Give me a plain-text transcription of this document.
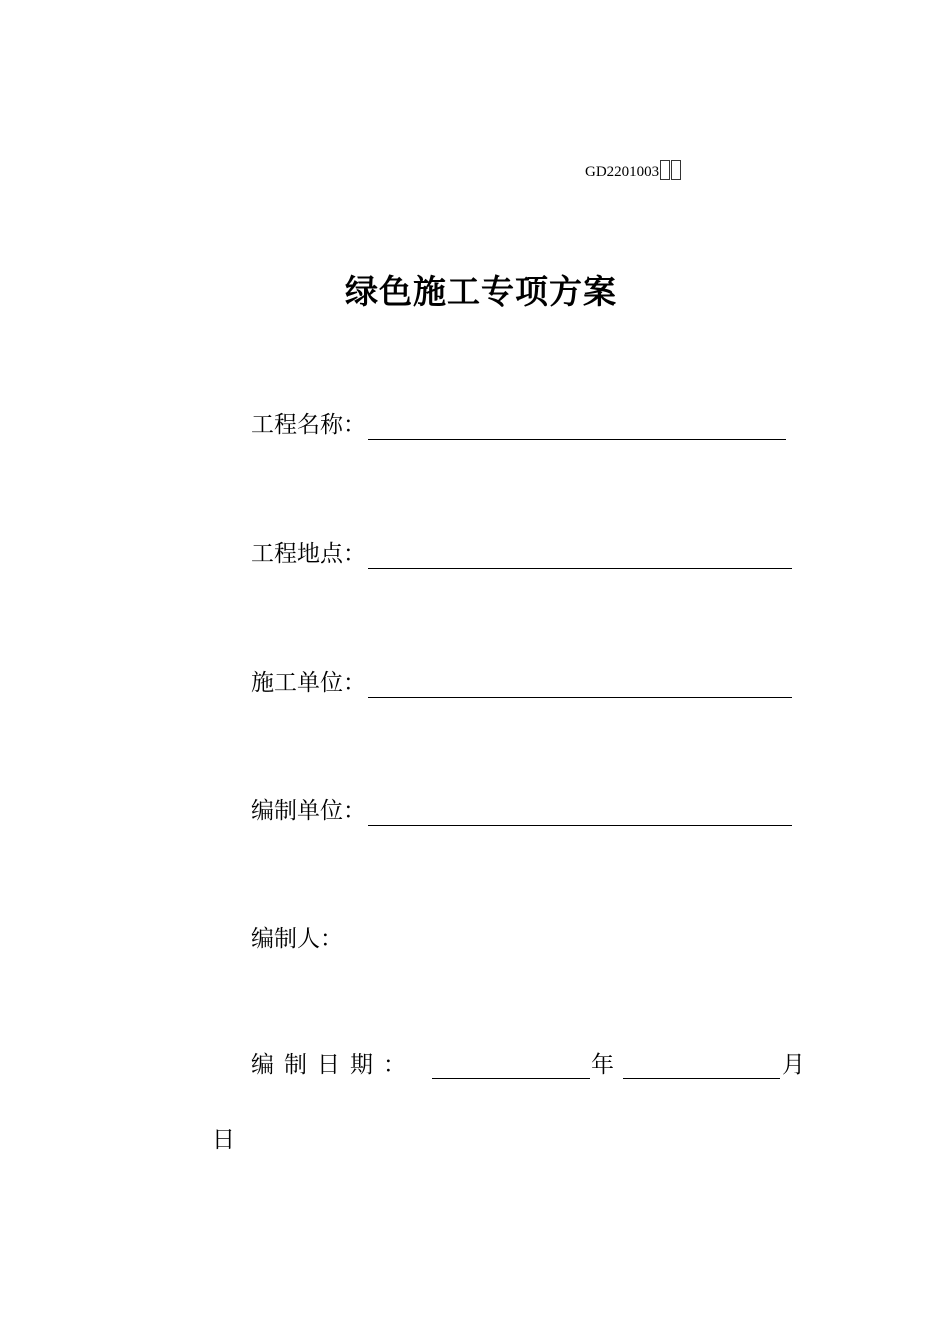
GD2201003
绿色施工专项方案
工程名称：
工程地点：
施工单位：
编制单位：
编制人：
编制日期：	年	月
日
